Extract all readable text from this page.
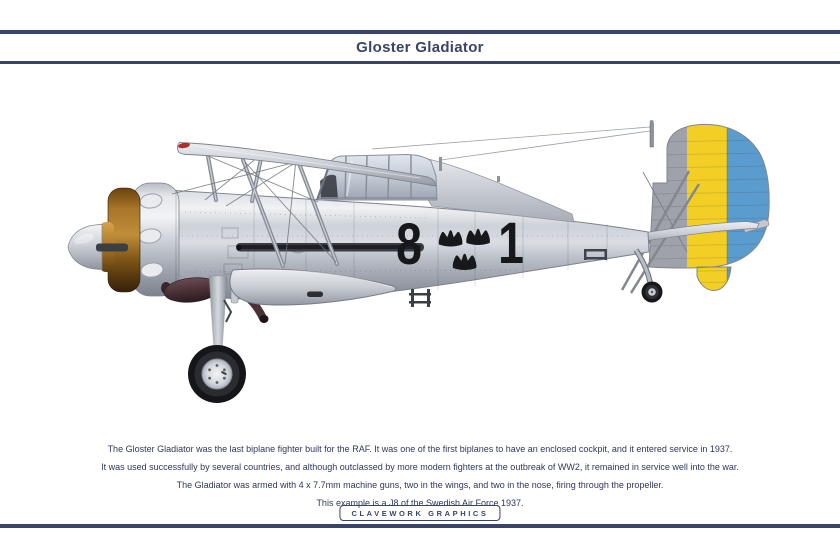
Gloster Gladiator
8 1
The Gloster Gladiator was the last biplane fighter built for the RAF. It was one of the first biplanes to have an enclosed cockpit, and it entered service in 1937.
It was used successfully by several countries, and although outclassed by more modern fighters at the outbreak of WW2, it remained in service well into the war.
The Gladiator was armed with 4 x 7.7mm machine guns, two in the wings, and two in the nose, firing through the propeller.
This example is a J8 of the Swedish Air Force 1937.
CLAVEWORK GRAPHICS
